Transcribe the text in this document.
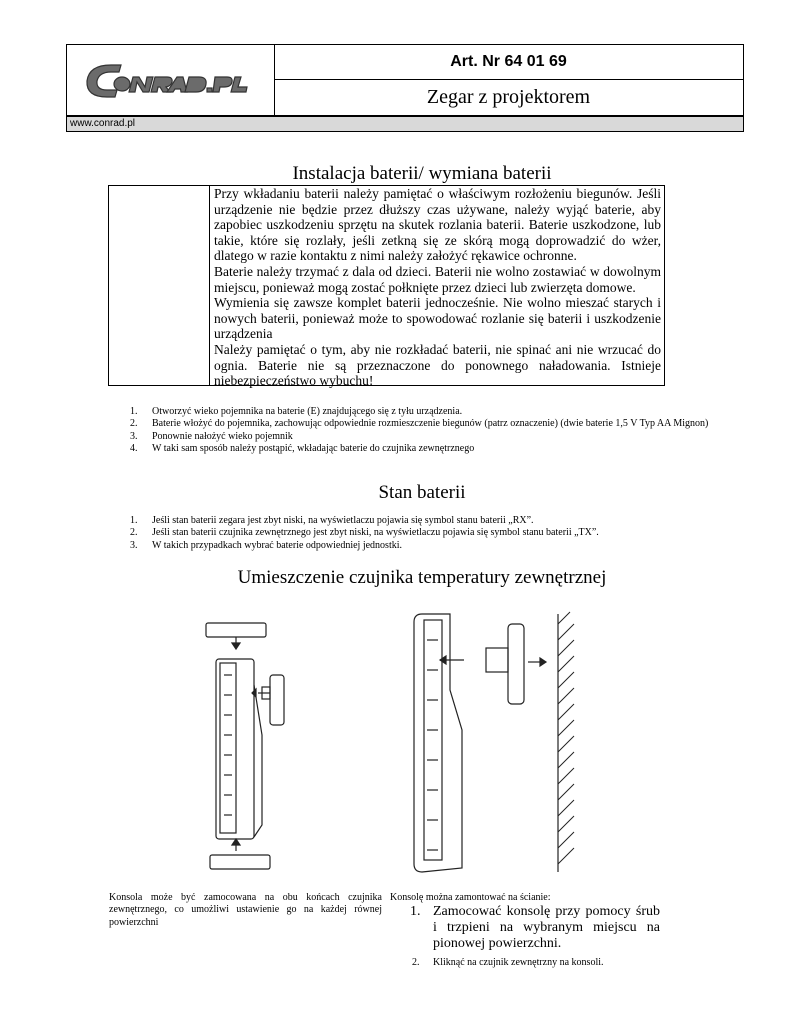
Art. Nr 64 01 69
Zegar z projektorem
www.conrad.pl
Instalacja baterii/ wymiana baterii

Przy wkładaniu baterii należy pamiętać o właściwym rozłożeniu biegunów. Jeśli urządzenie nie będzie przez dłuższy czas używane, należy wyjąć baterie, aby zapobiec uszkodzeniu sprzętu na skutek rozlania baterii. Baterie uszkodzone, lub takie, które się rozlały, jeśli zetkną się ze skórą mogą doprowadzić do wżer, dlatego w razie kontaktu z nimi należy założyć rękawice ochronne.

Baterie należy trzymać z dala od dzieci. Baterii nie wolno zostawiać w dowolnym miejscu, ponieważ mogą zostać połknięte przez dzieci lub zwierzęta domowe.

Wymienia się zawsze komplet baterii jednocześnie. Nie wolno mieszać starych i nowych baterii, ponieważ może to spowodować rozlanie się baterii i uszkodzenie urządzenia

Należy pamiętać o tym, aby nie rozkładać baterii, nie spinać ani nie wrzucać do ognia. Baterie nie są przeznaczone do ponownego naładowania. Istnieje niebezpieczeństwo wybuchu!

1. Otworzyć wieko pojemnika na baterie (E) znajdującego się z tyłu urządzenia.
2. Baterie włożyć do pojemnika, zachowując odpowiednie rozmieszczenie biegunów (patrz oznaczenie) (dwie baterie 1,5 V Typ AA Mignon)
3. Ponownie nałożyć wieko pojemnik
4. W taki sam sposób należy postąpić, wkładając baterie do czujnika zewnętrznego
Stan baterii
1. Jeśli stan baterii zegara jest zbyt niski, na wyświetlaczu pojawia się symbol stanu baterii „RX”.
2. Jeśli stan baterii czujnika zewnętrznego jest zbyt niski, na wyświetlaczu pojawia się symbol stanu baterii „TX”.
3. W takich przypadkach wybrać baterie odpowiedniej jednostki.
Umieszczenie czujnika temperatury zewnętrznej
Konsola może być zamocowana na obu końcach czujnika zewnętrznego, co umożliwi ustawienie go na każdej równej powierzchni
Konsolę można zamontować na ścianie:
1. Zamocować konsolę przy pomocy śrub i trzpieni na wybranym miejscu na pionowej powierzchni.
2. Kliknąć na czujnik zewnętrzny na konsoli.
